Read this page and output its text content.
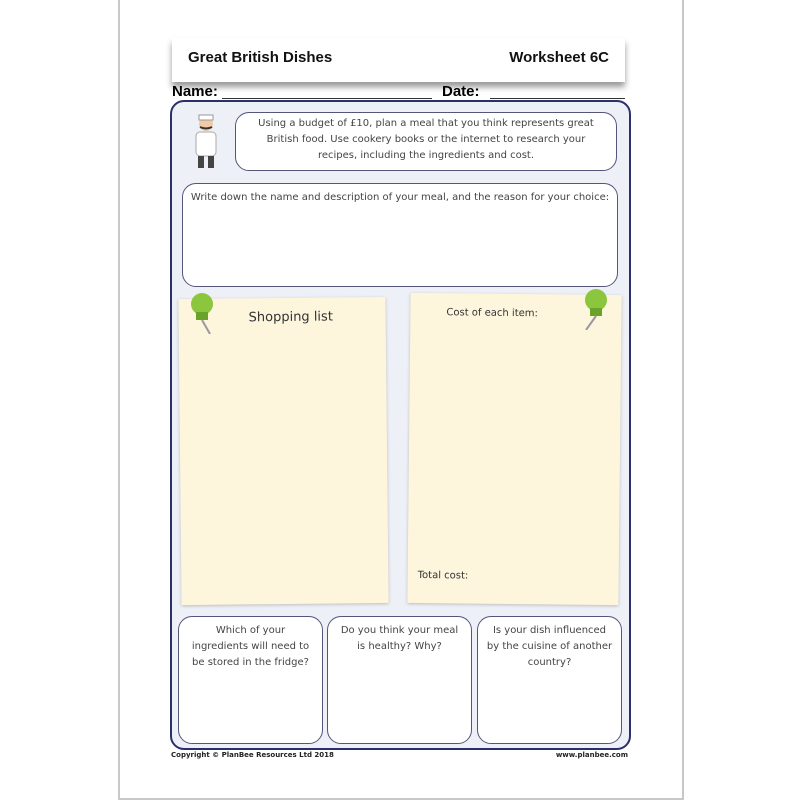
Great British Dishes	Worksheet 6C
Name:	Date:
Using a budget of £10, plan a meal that you think represents great British food. Use cookery books or the internet to research your recipes, including the ingredients and cost.
Write down the name and description of your meal, and the reason for your choice:
Shopping list	Cost of each item:
Total cost:
Which of your ingredients will need to be stored in the fridge?
Do you think your meal is healthy? Why?
Is your dish influenced by the cuisine of another country?
Copyright © PlanBee Resources Ltd 2018	www.planbee.com
